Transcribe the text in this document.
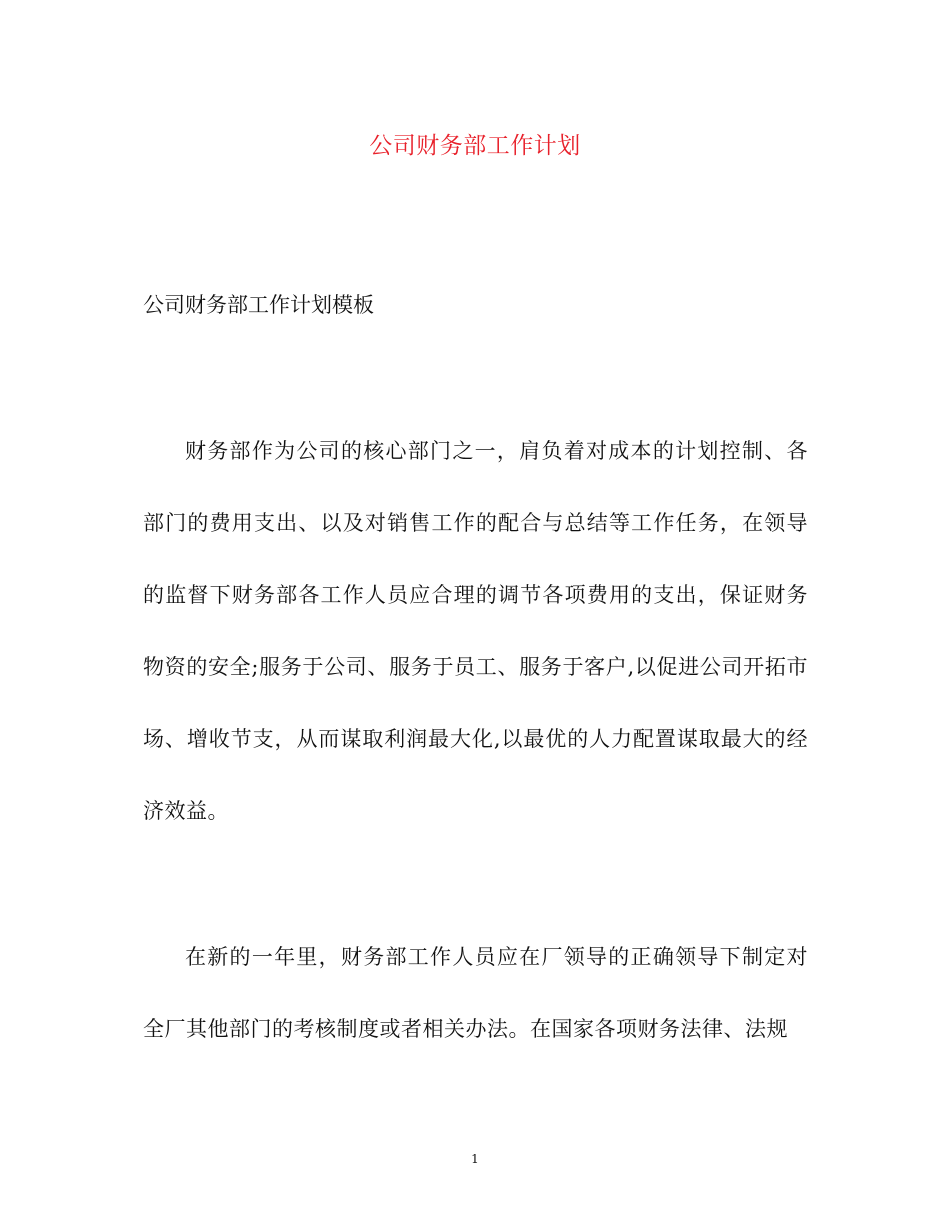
公司财务部工作计划
公司财务部工作计划模板

财务部作为公司的核心部门之一，肩负着对成本的计划控制、各部门的费用支出、以及对销售工作的配合与总结等工作任务，在领导的监督下财务部各工作人员应合理的调节各项费用的支出，保证财务物资的安全;服务于公司、服务于员工、服务于客户,以促进公司开拓市场、增收节支，从而谋取利润最大化,以最优的人力配置谋取最大的经济效益。

在新的一年里，财务部工作人员应在厂领导的正确领导下制定对全厂其他部门的考核制度或者相关办法。在国家各项财务法律、法规

1
